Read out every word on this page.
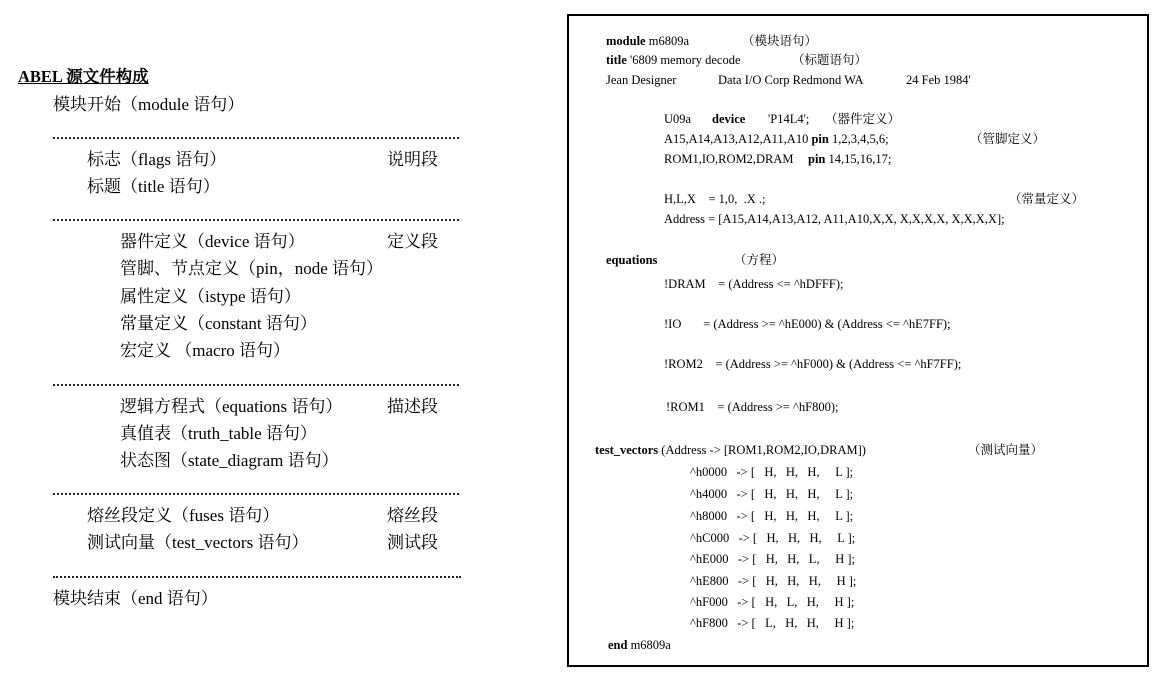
ABEL 源文件构成
模块开始（module 语句）
标志（flags 语句）	说明段
标题（title 语句）
器件定义（device 语句）	定义段
管脚、节点定义（pin，node 语句）
属性定义（istype 语句）
常量定义（constant 语句）
宏定义 （macro 语句）
逻辑方程式（equations 语句）	描述段
真值表（truth_table 语句）
状态图（state_diagram 语句）
熔丝段定义（fuses 语句）	熔丝段
测试向量（test_vectors 语句）	测试段
模块结束（end 语句）
module m6809a	（模块语句）
title '6809 memory decode	（标题语句）
Jean Designer	Data I/O Corp Redmond WA	24 Feb 1984'
U09a device 'P14L4'; （器件定义）
A15,A14,A13,A12,A11,A10 pin 1,2,3,4,5,6;	（管脚定义）
ROM1,IO,ROM2,DRAM pin 14,15,16,17;
H,L,X    = 1,0,  .X .;	（常量定义）
Address = [A15,A14,A13,A12, A11,A10,X,X, X,X,X,X, X,X,X,X];
equations	（方程）
!DRAM    = (Address <= ^hDFFF);
!IO       = (Address >= ^hE000) & (Address <= ^hE7FF);
!ROM2    = (Address >= ^hF000) & (Address <= ^hF7FF);
!ROM1    = (Address >= ^hF800);
test_vectors (Address -> [ROM1,ROM2,IO,DRAM])	（测试向量）
^h0000   -> [   H,   H,   H,     L ];
^h4000   -> [   H,   H,   H,     L ];
^h8000   -> [   H,   H,   H,     L ];
^hC000   -> [   H,   H,   H,     L ];
^hE000   -> [   H,   H,   L,     H ];
^hE800   -> [   H,   H,   H,     H ];
^hF000   -> [   H,   L,   H,     H ];
^hF800   -> [   L,   H,   H,     H ];
end m6809a
